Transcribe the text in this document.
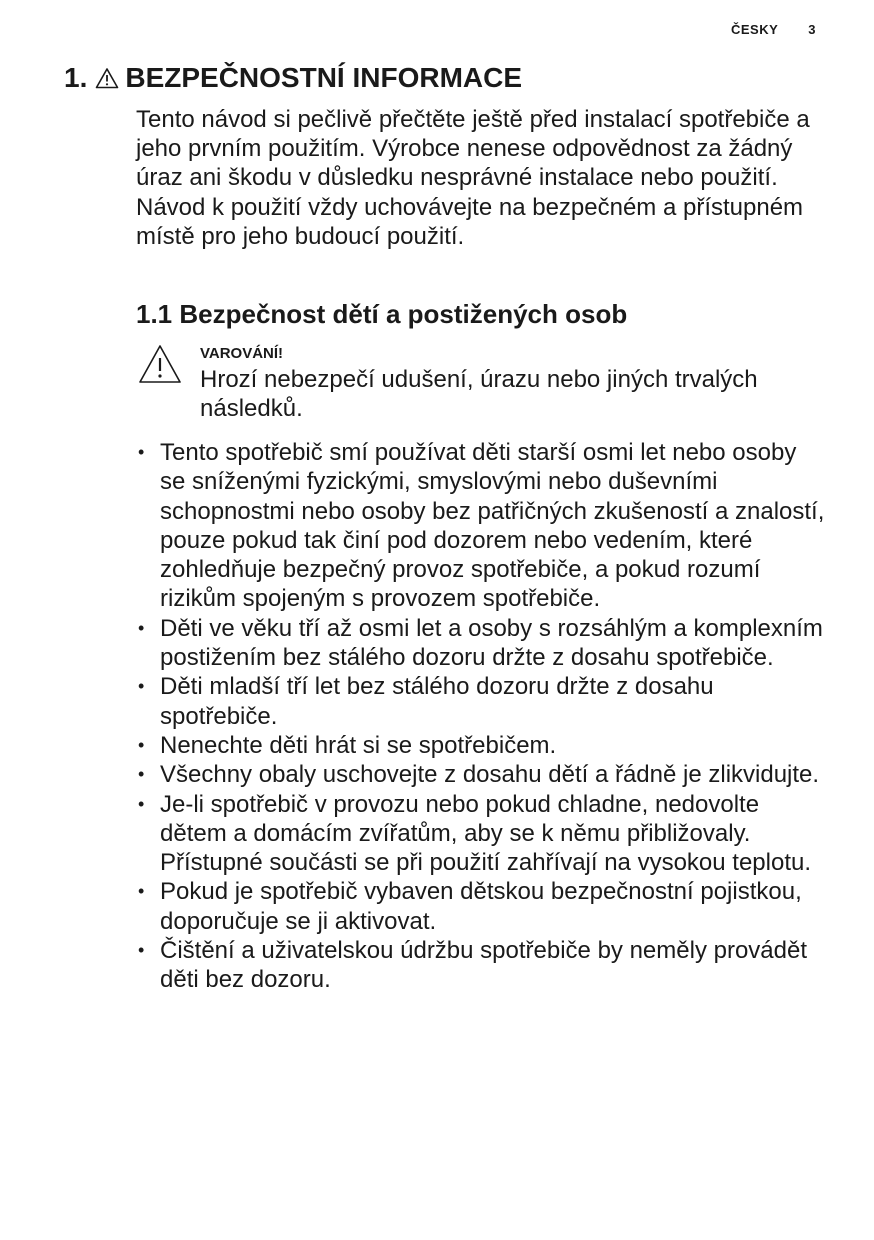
ČESKY 3
1. BEZPEČNOSTNÍ INFORMACE

Tento návod si pečlivě přečtěte ještě před instalací spotřebiče a jeho prvním použitím. Výrobce nenese odpovědnost za žádný úraz ani škodu v důsledku nesprávné instalace nebo použití. Návod k použití vždy uchovávejte na bezpečném a přístupném místě pro jeho budoucí použití.

1.1 Bezpečnost dětí a postižených osob
VAROVÁNÍ!

Hrozí nebezpečí udušení, úrazu nebo jiných trvalých následků.

• Tento spotřebič smí používat děti starší osmi let nebo osoby se sníženými fyzickými, smyslovými nebo duševními schopnostmi nebo osoby bez patřičných zkušeností a znalostí, pouze pokud tak činí pod dozorem nebo vedením, které zohledňuje bezpečný provoz spotřebiče, a pokud rozumí rizikům spojeným s provozem spotřebiče.
• Děti ve věku tří až osmi let a osoby s rozsáhlým a komplexním postižením bez stálého dozoru držte z dosahu spotřebiče.
• Děti mladší tří let bez stálého dozoru držte z dosahu spotřebiče.
• Nenechte děti hrát si se spotřebičem.
• Všechny obaly uschovejte z dosahu dětí a řádně je zlikvidujte.
• Je-li spotřebič v provozu nebo pokud chladne, nedovolte dětem a domácím zvířatům, aby se k němu přibližovaly. Přístupné součásti se při použití zahřívají na vysokou teplotu.
• Pokud je spotřebič vybaven dětskou bezpečnostní pojistkou, doporučuje se ji aktivovat.
• Čištění a uživatelskou údržbu spotřebiče by neměly provádět děti bez dozoru.
